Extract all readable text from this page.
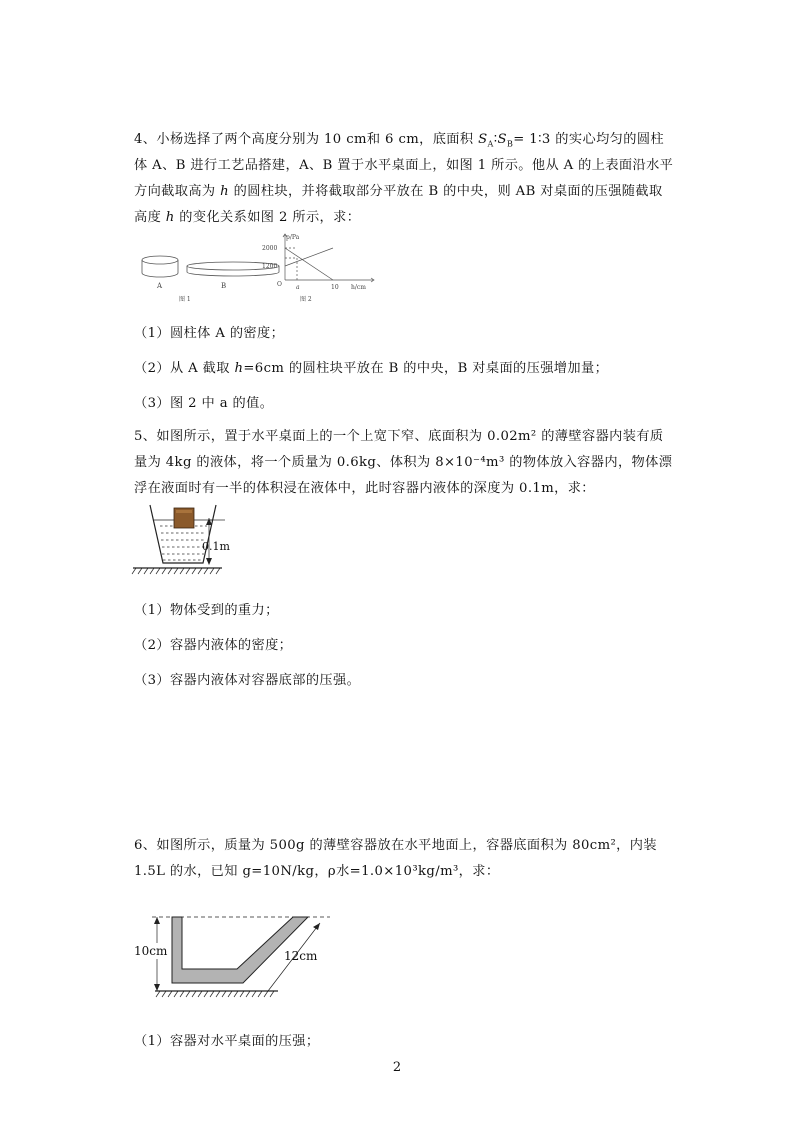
4、小杨选择了两个高度分别为 10 cm和 6 cm，底面积 $S_A∶S_B=$ 1∶3 的实心均匀的圆柱
体 A、B 进行工艺品搭建，A、B 置于水平桌面上，如图 1 所示。他从 A 的上表面沿水平
方向截取高为 h 的圆柱块，并将截取部分平放在 B 的中央，则 AB 对桌面的压强随截取
高度 h 的变化关系如图 2 所示，求：
A	B
图 1
p/Pa
2000
1200
O a	10 h/cm
图 2
（1）圆柱体 A 的密度；
（2）从 A 截取 h=6cm 的圆柱块平放在 B 的中央，B 对桌面的压强增加量；
（3）图 2 中 a 的值。
5、如图所示，置于水平桌面上的一个上宽下窄、底面积为 0.02m² 的薄壁容器内装有质
量为 4kg 的液体，将一个质量为 0.6kg、体积为 8×10⁻⁴m³ 的物体放入容器内，物体漂
浮在液面时有一半的体积浸在液体中，此时容器内液体的深度为 0.1m，求：
0.1m
（1）物体受到的重力；
（2）容器内液体的密度；
（3）容器内液体对容器底部的压强。
6、如图所示，质量为 500g 的薄壁容器放在水平地面上，容器底面积为 80cm²，内装
1.5L 的水，已知 g=10N/kg，ρ水=1.0×10³kg/m³，求：
10cm	12cm
（1）容器对水平桌面的压强；
2
